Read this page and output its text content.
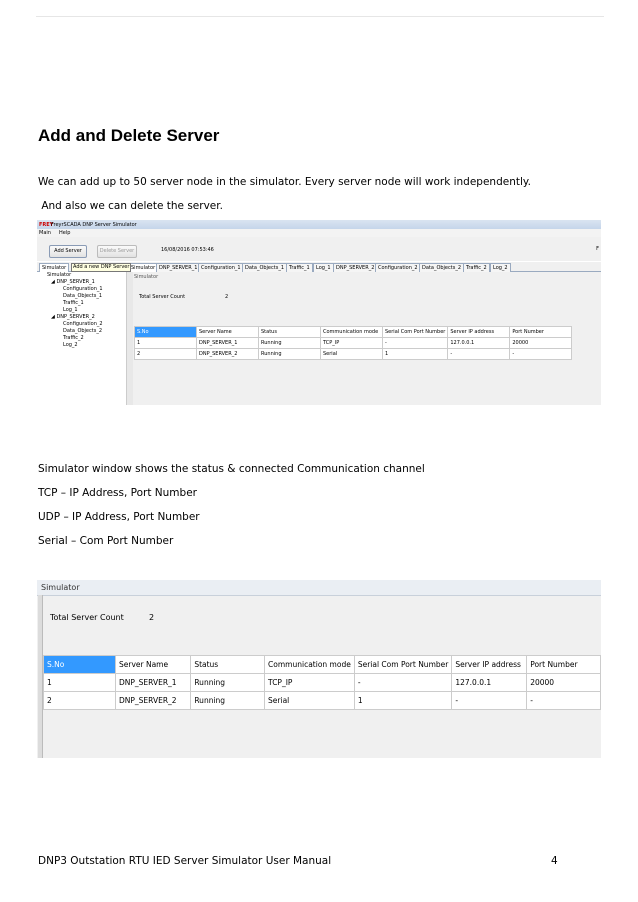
Add and Delete Server
We can add up to 50 server node in the simulator. Every server node will work independently.
And also we can delete the server.
FREY
FreyrSCADA DNP Server Simulator
Main Help
Add Server	Delete Server	16/08/2016 07:53:46	F
Simulator	Simulator DNP_SERVER_1 Configuration_1 Data_Objects_1 Traffic_1	Log_1	DNP_SERVER_2 Configuration_2 Data_Objects_2 Traffic_2	Log_2
Add a new DNP Server
Simulator
◢ DNP_SERVER_1
Configuration_1
Data_Objects_1
Traffic_1
Log_1
◢ DNP_SERVER_2
Configuration_2
Data_Objects_2
Traffic_2
Log_2
Simulator
Total Server Count	2
S.No	Server Name	Status	Communication mode	Serial Com Port Number	Server IP address	Port Number
1	DNP_SERVER_1	Running	TCP_IP	-	127.0.0.1	20000
2	DNP_SERVER_2	Running	Serial	1	-	-
Simulator window shows the status & connected Communication channel
TCP – IP Address, Port Number
UDP – IP Address, Port Number
Serial – Com Port Number
Simulator
Total Server Count	2
S.No	Server Name	Status	Communication mode	Serial Com Port Number	Server IP address	Port Number
1	DNP_SERVER_1	Running	TCP_IP	-	127.0.0.1	20000
2	DNP_SERVER_2	Running	Serial	1	-	-
DNP3 Outstation RTU IED Server Simulator User Manual	4
